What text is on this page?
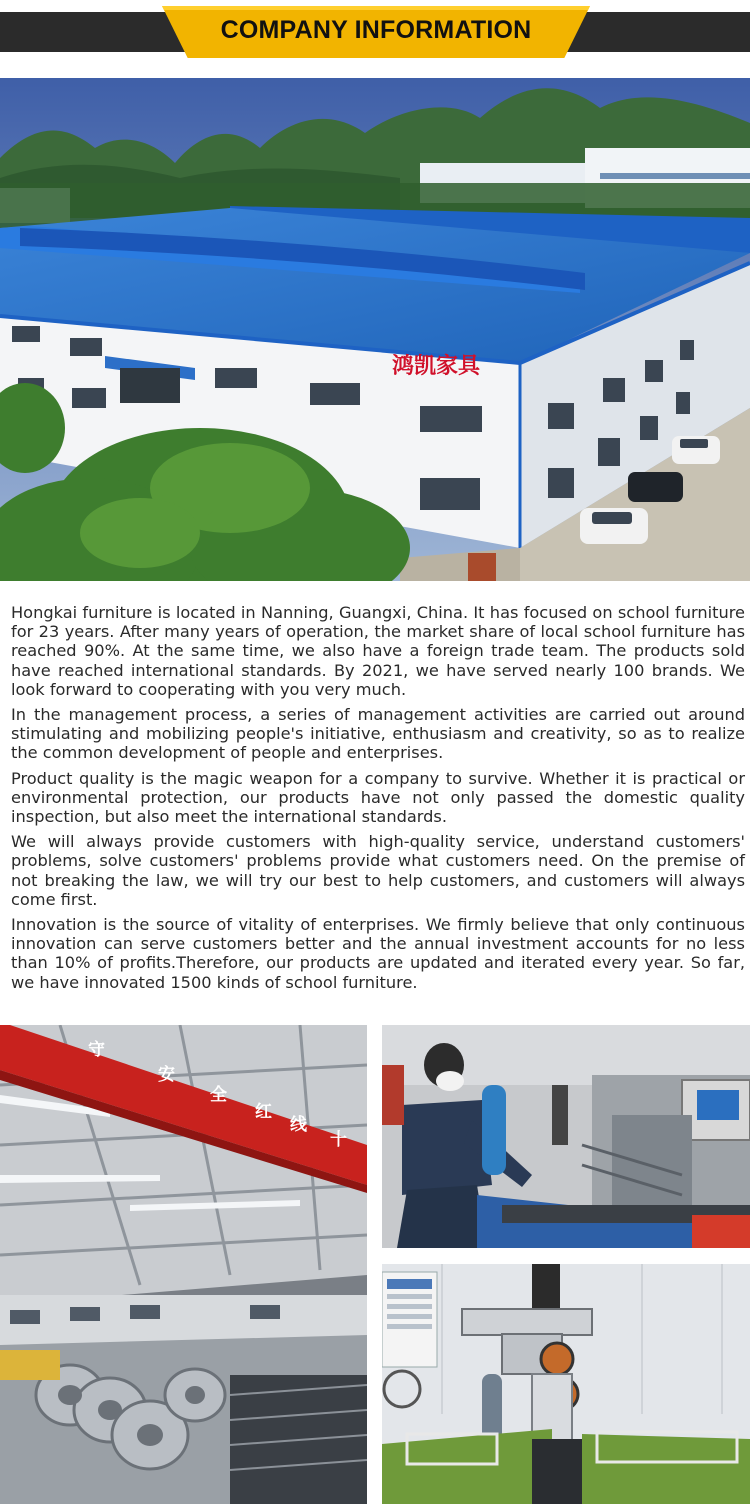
COMPANY INFORMATION
鸿凯家具

Hongkai furniture is located in Nanning, Guangxi, China. It has focused on school furniture for 23 years. After many years of operation, the market share of local school furniture has reached 90%. At the same time, we also have a foreign trade team. The products sold have reached international standards. By 2021, we have served nearly 100 brands. We look forward to cooperating with you very much.

In the management process, a series of management activities are carried out around stimulating and mobilizing people's initiative, enthusiasm and creativity, so as to realize the common development of people and enterprises.

Product quality is the magic weapon for a company to survive. Whether it is practical or environmental protection, our products have not only passed the domestic quality inspection, but also meet the international standards.

We will always provide customers with high-quality service, understand customers' problems, solve customers' problems provide what customers need. On the premise of not breaking the law, we will try our best to help customers, and customers will always come first.

Innovation is the source of vitality of enterprises. We firmly believe that only continuous innovation can serve customers better and the annual investment accounts for no less than 10% of profits.Therefore, our products are updated and iterated every year. So far, we have innovated 1500 kinds of school furniture.

守
安
全
红
线
十
